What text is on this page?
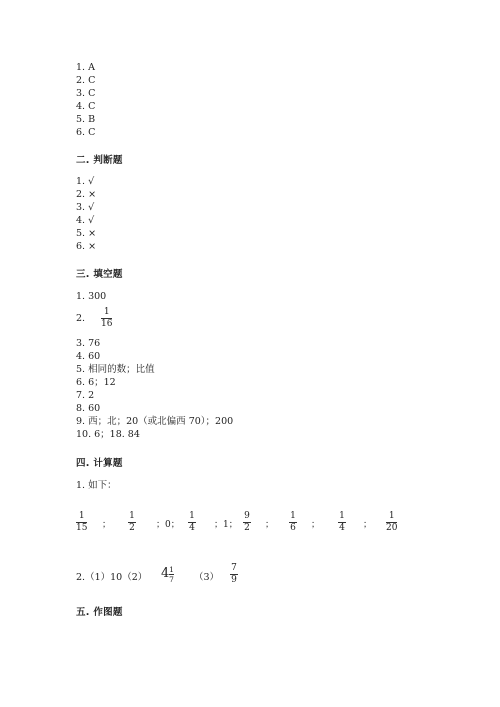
1. A
2. C
3. C
4. C
5. B
6. C
二. 判断题
1. √
2. ×
3. √
4. √
5. ×
6. ×
三. 填空题
1. 300
2.
1
16
3. 76
4. 60
5. 相同的数；比值
6. 6；12
7. 2
8. 60
9. 西；北；20（或北偏西 70）；200
10. 6；18. 84
四. 计算题
1. 如下：
1
15 ；
1
2 ；0；
1
4 ；1；
9
2 ；
1
6 ；
1
4 ；
1
20
2.（1）10（2） 4 1
7 （3）
7
9
五. 作图题
